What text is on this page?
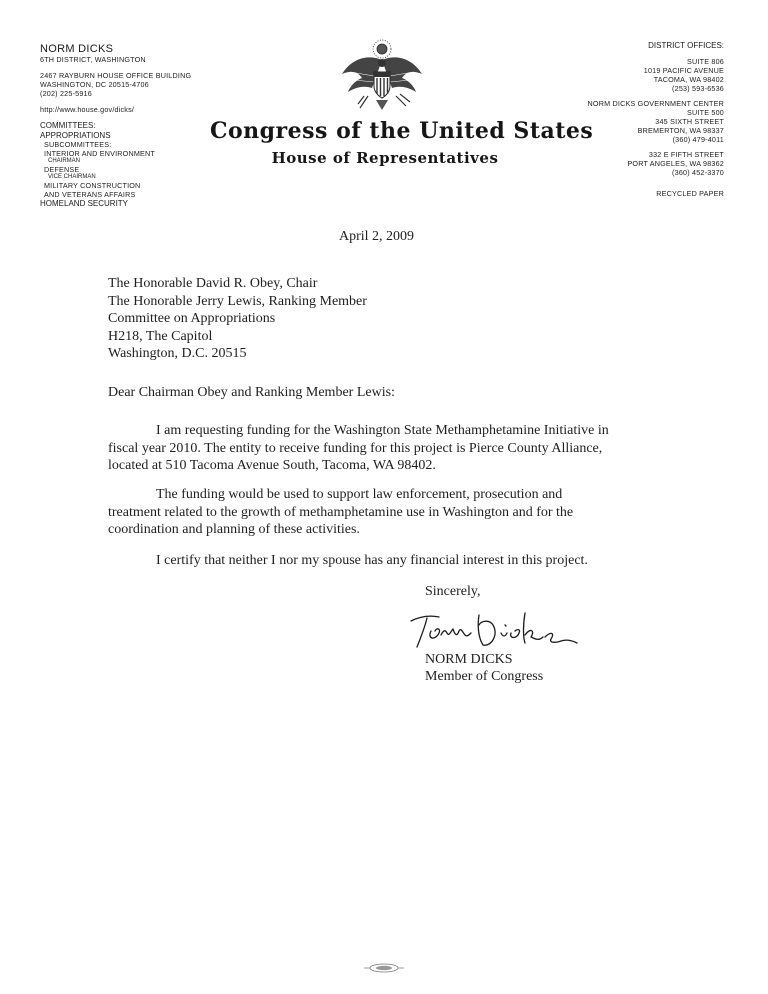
NORM DICKS
6TH DISTRICT, WASHINGTON
2467 RAYBURN HOUSE OFFICE BUILDING
WASHINGTON, DC 20515-4706
(202) 225-5916
http://www.house.gov/dicks/
COMMITTEES:
APPROPRIATIONS
SUBCOMMITTEES:
INTERIOR AND ENVIRONMENT
CHAIRMAN
DEFENSE
VICE CHAIRMAN
MILITARY CONSTRUCTION
AND VETERANS AFFAIRS
HOMELAND SECURITY
Congress of the United States
House of Representatives
DISTRICT OFFICES:
SUITE 806
1019 PACIFIC AVENUE
TACOMA, WA 98402
(253) 593-6536
NORM DICKS GOVERNMENT CENTER
SUITE 500
345 SIXTH STREET
BREMERTON, WA 98337
(360) 479-4011
332 E FIFTH STREET
PORT ANGELES, WA 98362
(360) 452-3370
RECYCLED PAPER
April 2, 2009
The Honorable David R. Obey, Chair
The Honorable Jerry Lewis, Ranking Member
Committee on Appropriations
H218, The Capitol
Washington, D.C. 20515
Dear Chairman Obey and Ranking Member Lewis:
I am requesting funding for the Washington State Methamphetamine Initiative in
fiscal year 2010. The entity to receive funding for this project is Pierce County Alliance,
located at 510 Tacoma Avenue South, Tacoma, WA 98402.
The funding would be used to support law enforcement, prosecution and
treatment related to the growth of methamphetamine use in Washington and for the
coordination and planning of these activities.
I certify that neither I nor my spouse has any financial interest in this project.
Sincerely,
NORM DICKS
Member of Congress
